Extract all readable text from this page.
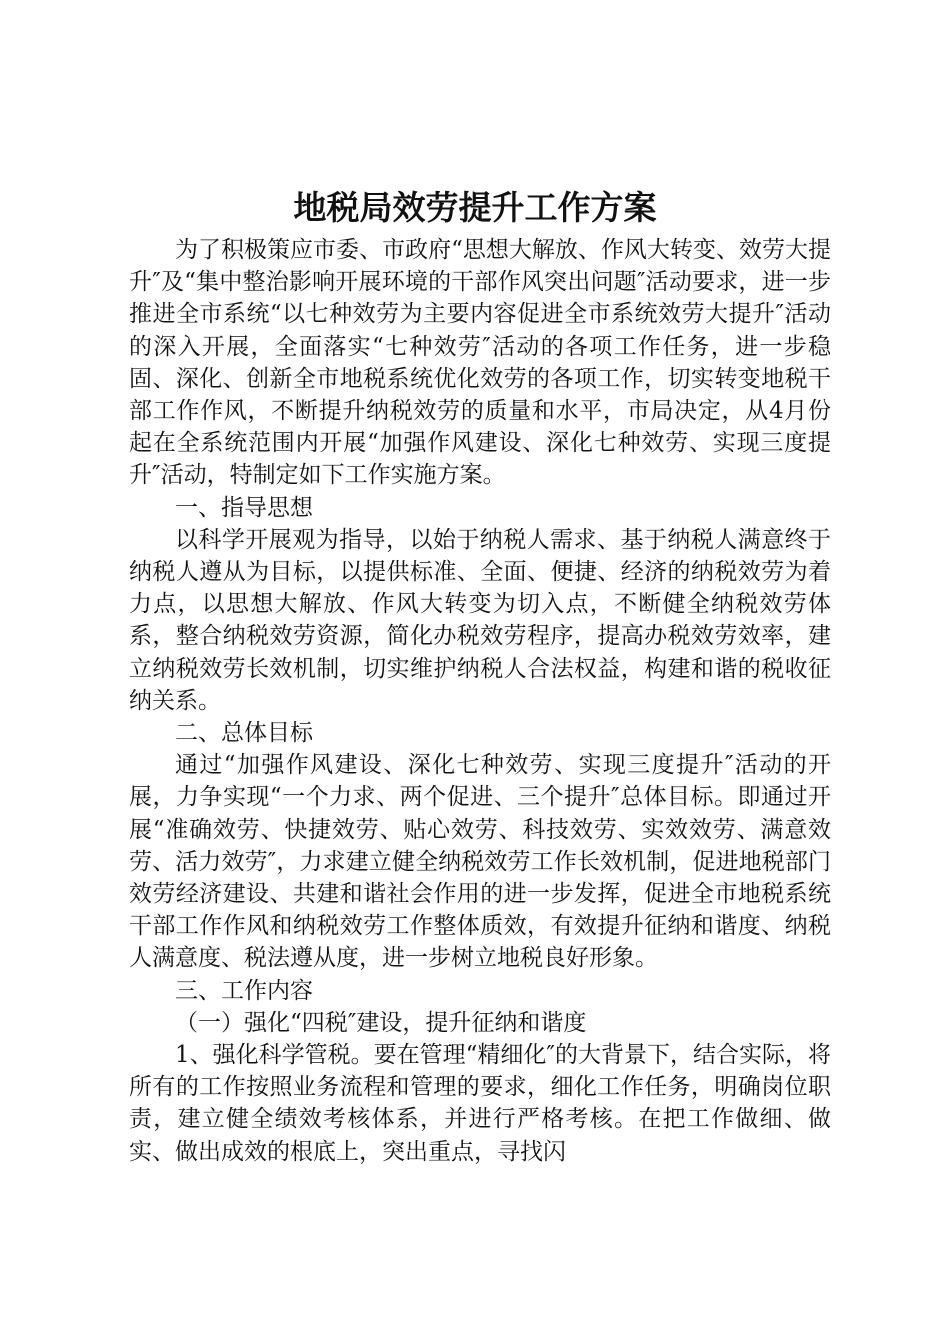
地税局效劳提升工作方案

为了积极策应市委、市政府“思想大解放、作风大转变、效劳大提升″及“集中整治影响开展环境的干部作风突出问题″活动要求，进一步推进全市系统“以七种效劳为主要内容促进全市系统效劳大提升″活动的深入开展，全面落实“七种效劳″活动的各项工作任务，进一步稳固、深化、创新全市地税系统优化效劳的各项工作，切实转变地税干部工作作风，不断提升纳税效劳的质量和水平，市局决定，从4月份起在全系统范围内开展“加强作风建设、深化七种效劳、实现三度提升″活动，特制定如下工作实施方案。

一、指导思想

以科学开展观为指导，以始于纳税人需求、基于纳税人满意终于纳税人遵从为目标，以提供标准、全面、便捷、经济的纳税效劳为着力点，以思想大解放、作风大转变为切入点，不断健全纳税效劳体系，整合纳税效劳资源，简化办税效劳程序，提高办税效劳效率，建立纳税效劳长效机制，切实维护纳税人合法权益，构建和谐的税收征纳关系。

二、总体目标

通过“加强作风建设、深化七种效劳、实现三度提升″活动的开展，力争实现“一个力求、两个促进、三个提升″总体目标。即通过开展“准确效劳、快捷效劳、贴心效劳、科技效劳、实效效劳、满意效劳、活力效劳″，力求建立健全纳税效劳工作长效机制，促进地税部门效劳经济建设、共建和谐社会作用的进一步发挥，促进全市地税系统干部工作作风和纳税效劳工作整体质效，有效提升征纳和谐度、纳税人满意度、税法遵从度，进一步树立地税良好形象。

三、工作内容

（一）强化“四税″建设，提升征纳和谐度

1、强化科学管税。要在管理“精细化″的大背景下，结合实际，将所有的工作按照业务流程和管理的要求，细化工作任务，明确岗位职责，建立健全绩效考核体系，并进行严格考核。在把工作做细、做实、做出成效的根底上，突出重点，寻找闪
